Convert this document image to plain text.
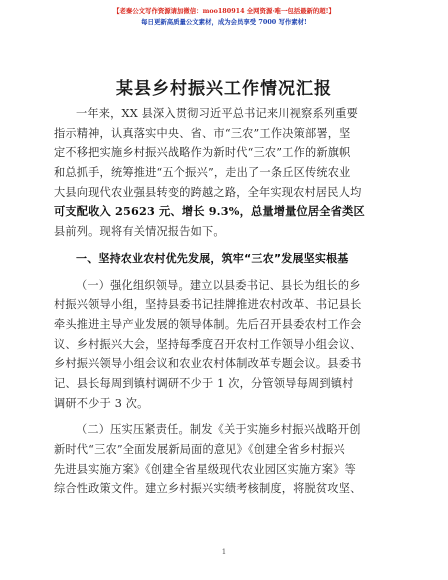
【老秦公文写作资源请加微信：moo180914 全网资源·唯一包括最新的超!】
每日更新高质量公文素材，成为会员享受 7000 写作素材!
某县乡村振兴工作情况汇报
一年来，XX 县深入贯彻习近平总书记来川视察系列重要
指示精神，认真落实中央、省、市“三农”工作决策部署，坚
定不移把实施乡村振兴战略作为新时代“三农”工作的新旗帜
和总抓手，统筹推进“五个振兴”，走出了一条丘区传统农业
大县向现代农业强县转变的跨越之路，全年实现农村居民人均
可支配收入 25623 元、增长 9.3%，总量增量位居全省类区
县前列。现将有关情况报告如下。
一、坚持农业农村优先发展，筑牢“三农”发展坚实根基
（一）强化组织领导。建立以县委书记、县长为组长的乡
村振兴领导小组，坚持县委书记挂牌推进农村改革、书记县长
牵头推进主导产业发展的领导体制。先后召开县委农村工作会
议、乡村振兴大会，坚持每季度召开农村工作领导小组会议、
乡村振兴领导小组会议和农业农村体制改革专题会议。县委书
记、县长每周到镇村调研不少于 1 次，分管领导每周到镇村
调研不少于 3 次。
（二）压实压紧责任。制发《关于实施乡村振兴战略开创
新时代“三农”全面发展新局面的意见》《创建全省乡村振兴
先进县实施方案》《创建全省星级现代农业园区实施方案》等
综合性政策文件。建立乡村振兴实绩考核制度，将脱贫攻坚、
1
